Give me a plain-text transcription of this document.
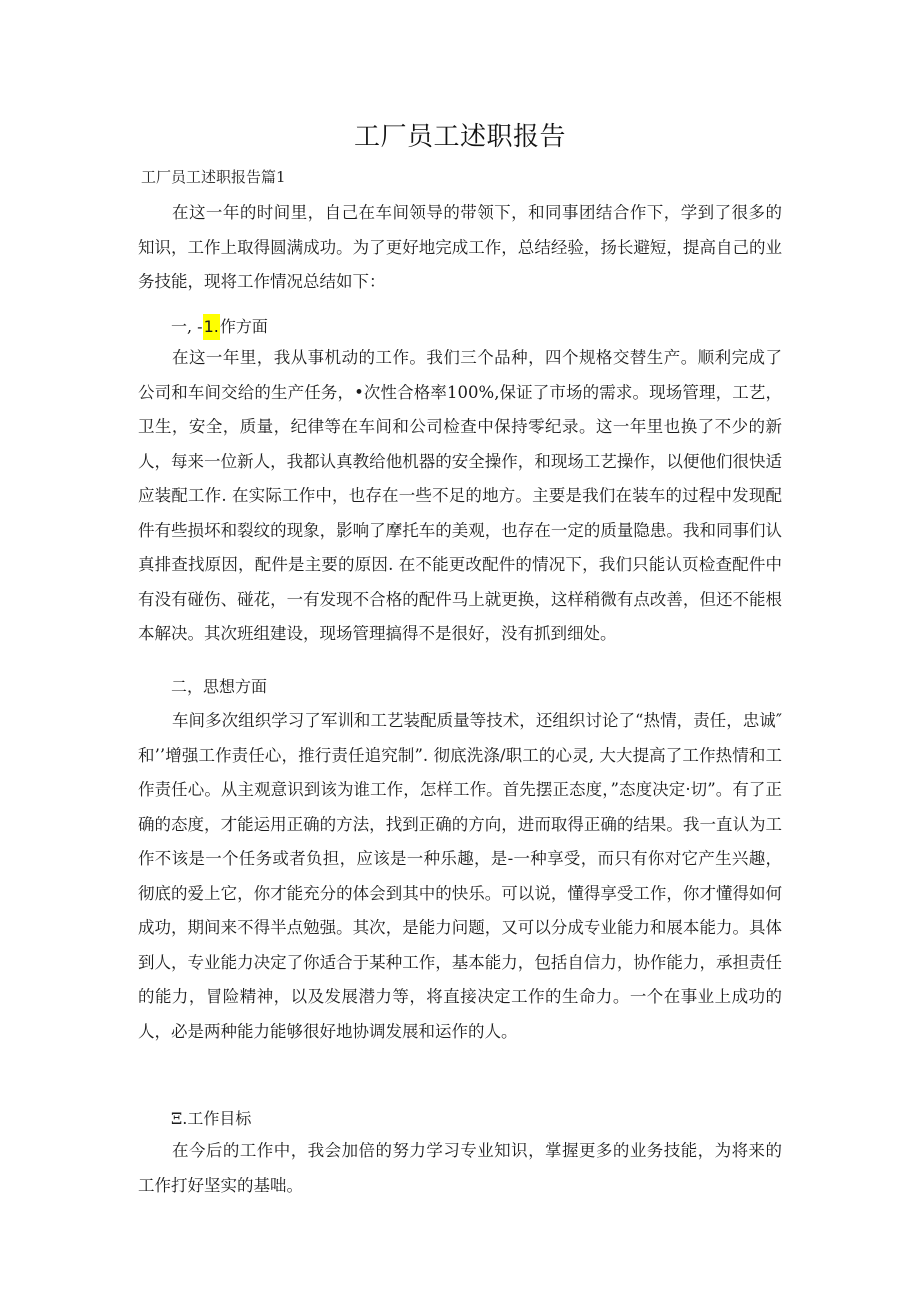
工厂员工述职报告
工厂员工述职报告篇1
在这一年的时间里，自己在车间领导的带领下，和同事团结合作下，学到了很多的知识，工作上取得圆满成功。为了更好地完成工作，总结经验，扬长避短，提高自己的业务技能，现将工作情况总结如下：
一, -1.作方面
在这一年里，我从事机动的工作。我们三个品种，四个规格交替生产。顺利完成了公司和车间交给的生产任务，•次性合格率100%,保证了市场的需求。现场管理，工艺，卫生，安全，质量，纪律等在车间和公司检查中保持零纪录。这一年里也换了不少的新人，每来一位新人，我都认真教给他机器的安全操作，和现场工艺操作，以便他们很快适应装配工作. 在实际工作中，也存在一些不足的地方。主要是我们在装车的过程中发现配件有些损坏和裂纹的现象，影响了摩托车的美观，也存在一定的质量隐患。我和同事们认真排查找原因，配件是主要的原因. 在不能更改配件的情况下，我们只能认页检查配件中有没有碰伤、碰花，一有发现不合格的配件马上就更换，这样稍微有点改善，但还不能根本解决。其次班组建设，现场管理搞得不是很好，没有抓到细处。
二，思想方面
车间多次组织学习了军训和工艺装配质量等技术，还组织讨论了“热情，责任，忠诚″和’’增强工作责任心，推行责任追究制”. 彻底洗涤/职工的心灵, 大大提高了工作热情和工作责任心。从主观意识到该为谁工作，怎样工作。首先摆正态度，”态度决定·切”。有了正确的态度，才能运用正确的方法，找到正确的方向，进而取得正确的结果。我一直认为工作不该是一个任务或者负担，应该是一种乐趣，是-一种享受，而只有你对它产生兴趣，彻底的爱上它，你才能充分的体会到其中的快乐。可以说，懂得享受工作，你才懂得如何成功，期间来不得半点勉强。其次，是能力问题，又可以分成专业能力和展本能力。具体到人，专业能力决定了你适合于某种工作，基本能力，包括自信力，协作能力，承担责任的能力，冒险精神，以及发展潜力等，将直接决定工作的生命力。一个在事业上成功的人，必是两种能力能够很好地协调发展和运作的人。
Ξ.工作目标
在今后的工作中，我会加倍的努力学习专业知识，掌握更多的业务技能，为将来的工作打好坚实的基咄。
